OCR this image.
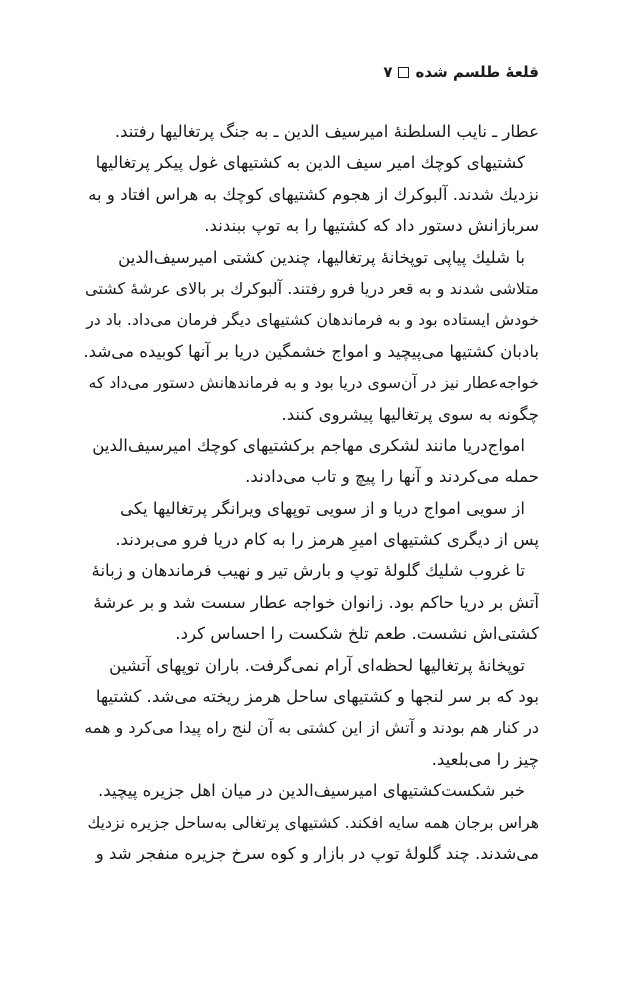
قلعهٔ طلسم شده
۷
عطار ـ نایب السلطنهٔ امیرسیف الدین ـ به جنگ پرتغالیها رفتند.
کشتیهای کوچك امیر سیف الدین به کشتیهای غول پیکر پرتغالیها
نزدیك شدند. آلبوکرك از هجوم کشتیهای کوچك به هراس افتاد و به
سربازانش دستور داد که کشتیها را به توپ ببندند.
با شلیك پیاپی توپخانهٔ پرتغالیها، چندین کشتی امیرسیف‌الدین
متلاشی شدند و به قعر دریا فرو رفتند. آلبوکرك بر بالای عرشهٔ کشتی
خودش ایستاده بود و به فرماندهان کشتیهای دیگر فرمان می‌داد. باد در
بادبان کشتیها می‌پیچید و امواج خشمگین دریا بر آنها کوبیده می‌شد.
خواجه‌عطار نیز در آن‌سوی دریا بود و به فرماندهانش دستور می‌داد که
چگونه به سوی پرتغالیها پیشروی کنند.
امواج‌دریا مانند لشکری مهاجم برکشتیهای کوچك امیرسیف‌الدین
حمله می‌کردند و آنها را پیچ و تاب می‌دادند.
از سویی امواج دریا و از سویی توپهای ویرانگر پرتغالیها یکی
پس از دیگری کشتیهای امیرِ هرمز را به کام دریا فرو می‌بردند.
تا غروب شلیك گلولهٔ توپ و بارش تیر و نهیب فرماندهان و زبانهٔ
آتش بر دریا حاکم بود. زانوان خواجه عطار سست شد و بر عرشهٔ
کشتی‌اش نشست. طعم تلخ شکست را احساس کرد.
توپخانهٔ پرتغالیها لحظه‌ای آرام نمی‌گرفت. باران توپهای آتشین
بود که بر سر لنجها و کشتیهای ساحل هرمز ریخته می‌شد. کشتیها
در کنار هم بودند و آتش از این کشتی به آن لنج راه پیدا می‌کرد و همه
چیز را می‌بلعید.
خبر شکست‌کشتیهای امیرسیف‌الدین در میان اهل جزیره پیچید.
هراس برجان همه سایه افکند. کشتیهای پرتغالی به‌ساحل جزیره نزدیك
می‌شدند. چند گلولهٔ توپ در بازار و کوه سرخ جزیره منفجر شد و
